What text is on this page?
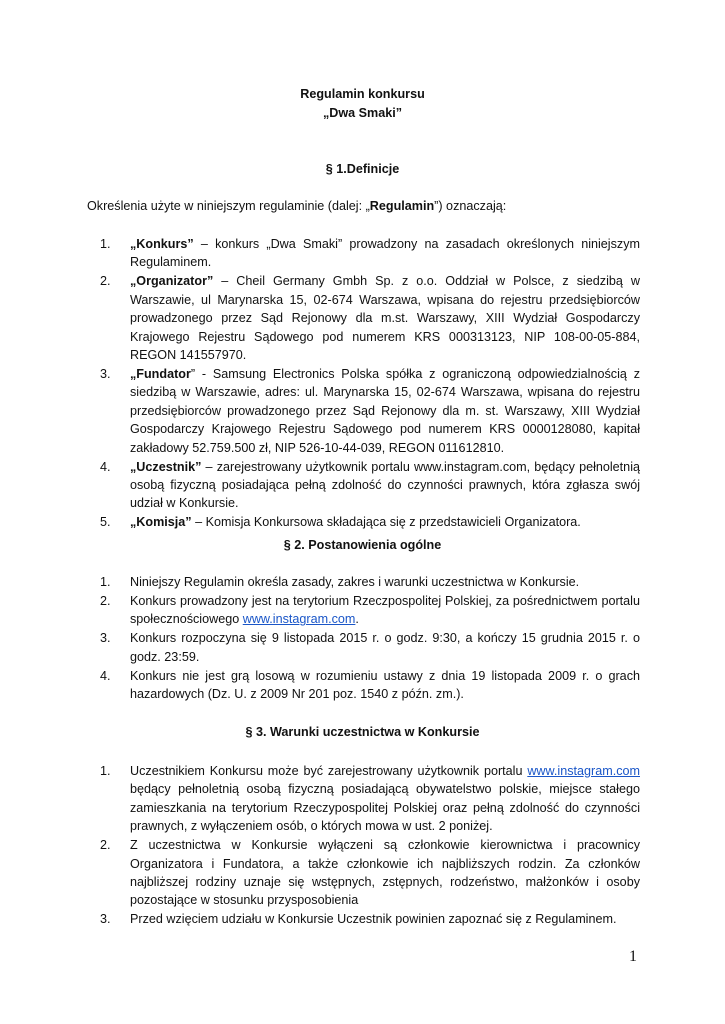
Regulamin konkursu
„Dwa Smaki”
§ 1.Definicje
Określenia użyte w niniejszym regulaminie (dalej: „Regulamin”) oznaczają:
1. „Konkurs” – konkurs „Dwa Smaki” prowadzony na zasadach określonych niniejszym Regulaminem.
2. „Organizator” – Cheil Germany Gmbh Sp. z o.o. Oddział w Polsce, z siedzibą w Warszawie, ul Marynarska 15, 02-674 Warszawa, wpisana do rejestru przedsiębiorców prowadzonego przez Sąd Rejonowy dla m.st. Warszawy, XIII Wydział Gospodarczy Krajowego Rejestru Sądowego pod numerem KRS 000313123, NIP 108-00-05-884, REGON 141557970.
3. „Fundator” - Samsung Electronics Polska spółka z ograniczoną odpowiedzialnością z siedzibą w Warszawie, adres: ul. Marynarska 15, 02-674 Warszawa, wpisana do rejestru przedsiębiorców prowadzonego przez Sąd Rejonowy dla m. st. Warszawy, XIII Wydział Gospodarczy Krajowego Rejestru Sądowego pod numerem KRS 0000128080, kapitał zakładowy 52.759.500 zł, NIP 526-10-44-039, REGON 011612810.
4. „Uczestnik” – zarejestrowany użytkownik portalu www.instagram.com, będący pełnoletnią osobą fizyczną posiadająca pełną zdolność do czynności prawnych, która zgłasza swój udział w Konkursie.
5. „Komisja” – Komisja Konkursowa składająca się z przedstawicieli Organizatora.
§ 2. Postanowienia ogólne
1. Niniejszy Regulamin określa zasady, zakres i warunki uczestnictwa w Konkursie.
2. Konkurs prowadzony jest na terytorium Rzeczpospolitej Polskiej, za pośrednictwem portalu społecznościowego www.instagram.com.
3. Konkurs rozpoczyna się 9 listopada 2015 r. o godz. 9:30, a kończy 15 grudnia 2015 r. o godz. 23:59.
4. Konkurs nie jest grą losową w rozumieniu ustawy z dnia 19 listopada 2009 r. o grach hazardowych (Dz. U. z 2009 Nr 201 poz. 1540 z późn. zm.).
§ 3. Warunki uczestnictwa w Konkursie
1. Uczestnikiem Konkursu może być zarejestrowany użytkownik portalu www.instagram.com będący pełnoletnią osobą fizyczną posiadającą obywatelstwo polskie, miejsce stałego zamieszkania na terytorium Rzeczypospolitej Polskiej oraz pełną zdolność do czynności prawnych, z wyłączeniem osób, o których mowa w ust. 2 poniżej.
2. Z uczestnictwa w Konkursie wyłączeni są członkowie kierownictwa i pracownicy Organizatora i Fundatora, a także członkowie ich najbliższych rodzin. Za członków najbliższej rodziny uznaje się wstępnych, zstępnych, rodzeństwo, małżonków i osoby pozostające w stosunku przysposobienia
3. Przed wzięciem udziału w Konkursie Uczestnik powinien zapoznać się z Regulaminem.
1
